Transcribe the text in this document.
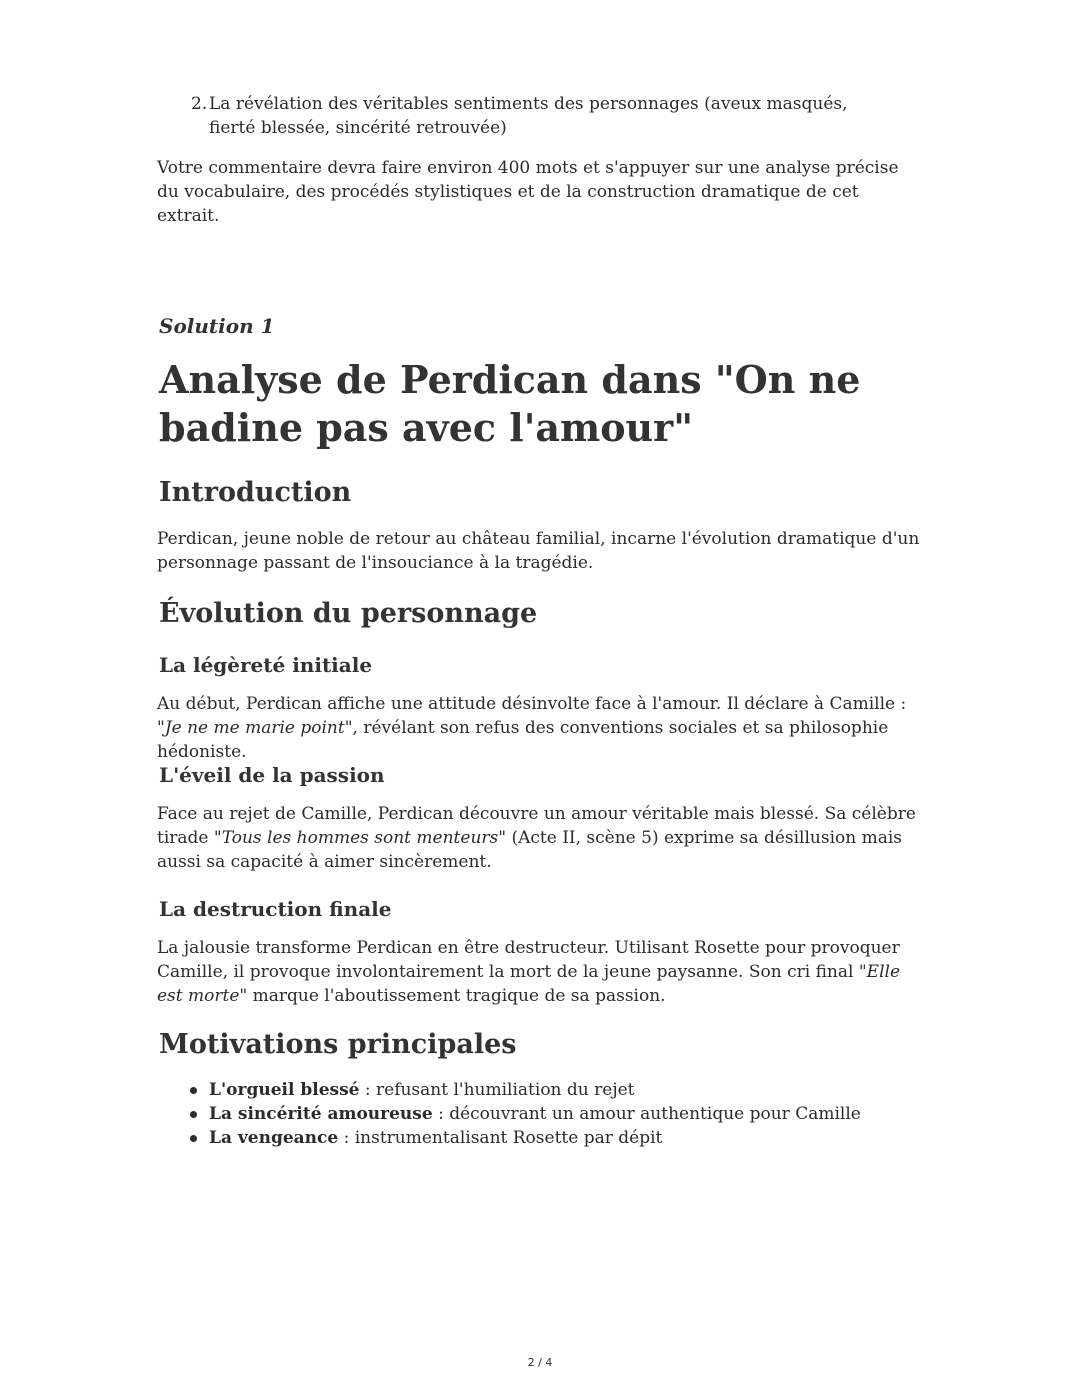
2. La révélation des véritables sentiments des personnages (aveux masqués, fierté blessée, sincérité retrouvée)

Votre commentaire devra faire environ 400 mots et s'appuyer sur une analyse précise du vocabulaire, des procédés stylistiques et de la construction dramatique de cet extrait.

Solution 1
Analyse de Perdican dans "On ne badine pas avec l'amour"
Introduction

Perdican, jeune noble de retour au château familial, incarne l'évolution dramatique d'un personnage passant de l'insouciance à la tragédie.

Évolution du personnage
La légèreté initiale

Au début, Perdican affiche une attitude désinvolte face à l'amour. Il déclare à Camille : "Je ne me marie point", révélant son refus des conventions sociales et sa philosophie hédoniste.

L'éveil de la passion

Face au rejet de Camille, Perdican découvre un amour véritable mais blessé. Sa célèbre tirade "Tous les hommes sont menteurs" (Acte II, scène 5) exprime sa désillusion mais aussi sa capacité à aimer sincèrement.

La destruction finale

La jalousie transforme Perdican en être destructeur. Utilisant Rosette pour provoquer Camille, il provoque involontairement la mort de la jeune paysanne. Son cri final "Elle est morte" marque l'aboutissement tragique de sa passion.

Motivations principales
L'orgueil blessé : refusant l'humiliation du rejet
La sincérité amoureuse : découvrant un amour authentique pour Camille
La vengeance : instrumentalisant Rosette par dépit
2 / 4
